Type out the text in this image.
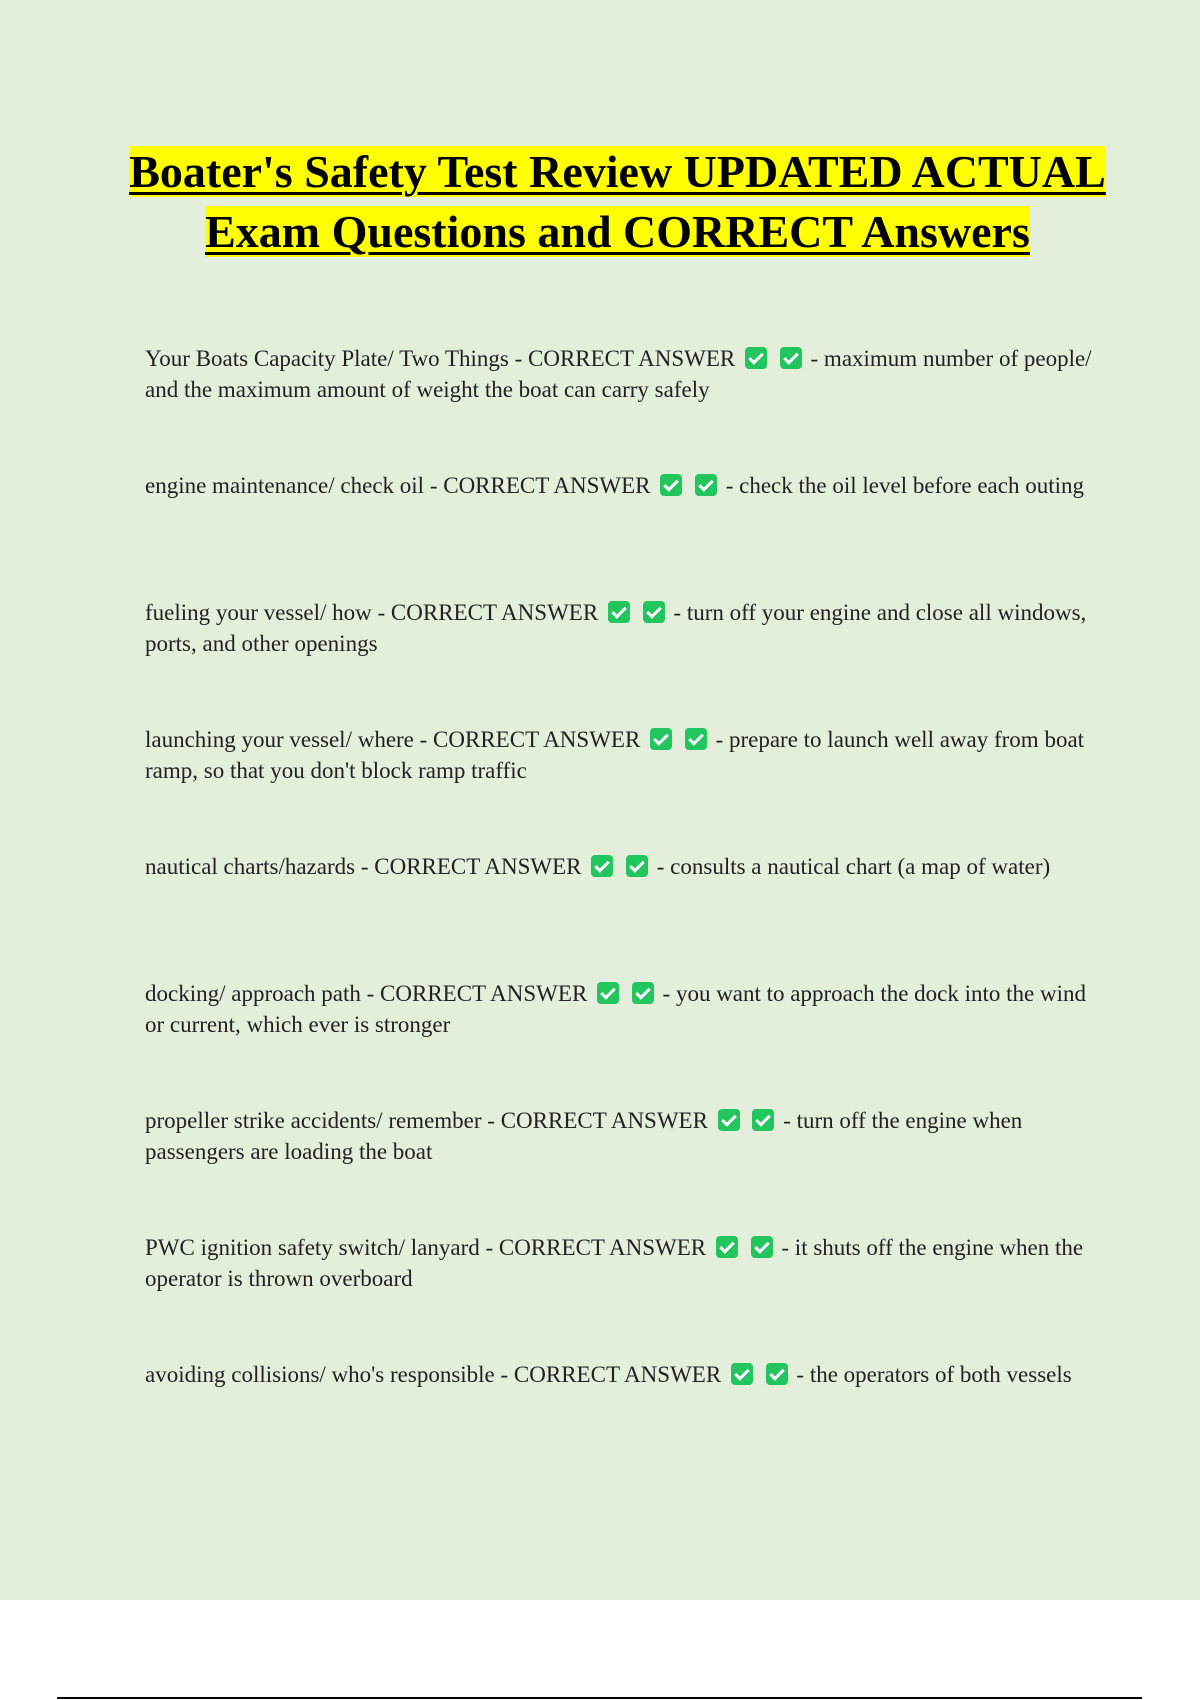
Boater's Safety Test Review UPDATED ACTUAL Exam Questions and CORRECT Answers
Your Boats Capacity Plate/ Two Things - CORRECT ANSWER	- maximum number of people/ and the maximum amount of weight the boat can carry safely
engine maintenance/ check oil - CORRECT ANSWER	- check the oil level before each outing
fueling your vessel/ how - CORRECT ANSWER	- turn off your engine and close all windows, ports, and other openings
launching your vessel/ where - CORRECT ANSWER	- prepare to launch well away from boat ramp, so that you don't block ramp traffic
nautical charts/hazards - CORRECT ANSWER	- consults a nautical chart (a map of water)
docking/ approach path - CORRECT ANSWER	- you want to approach the dock into the wind or current, which ever is stronger
propeller strike accidents/ remember - CORRECT ANSWER	- turn off the engine when passengers are loading the boat
PWC ignition safety switch/ lanyard - CORRECT ANSWER	- it shuts off the engine when the operator is thrown overboard
avoiding collisions/ who's responsible - CORRECT ANSWER	- the operators of both vessels
